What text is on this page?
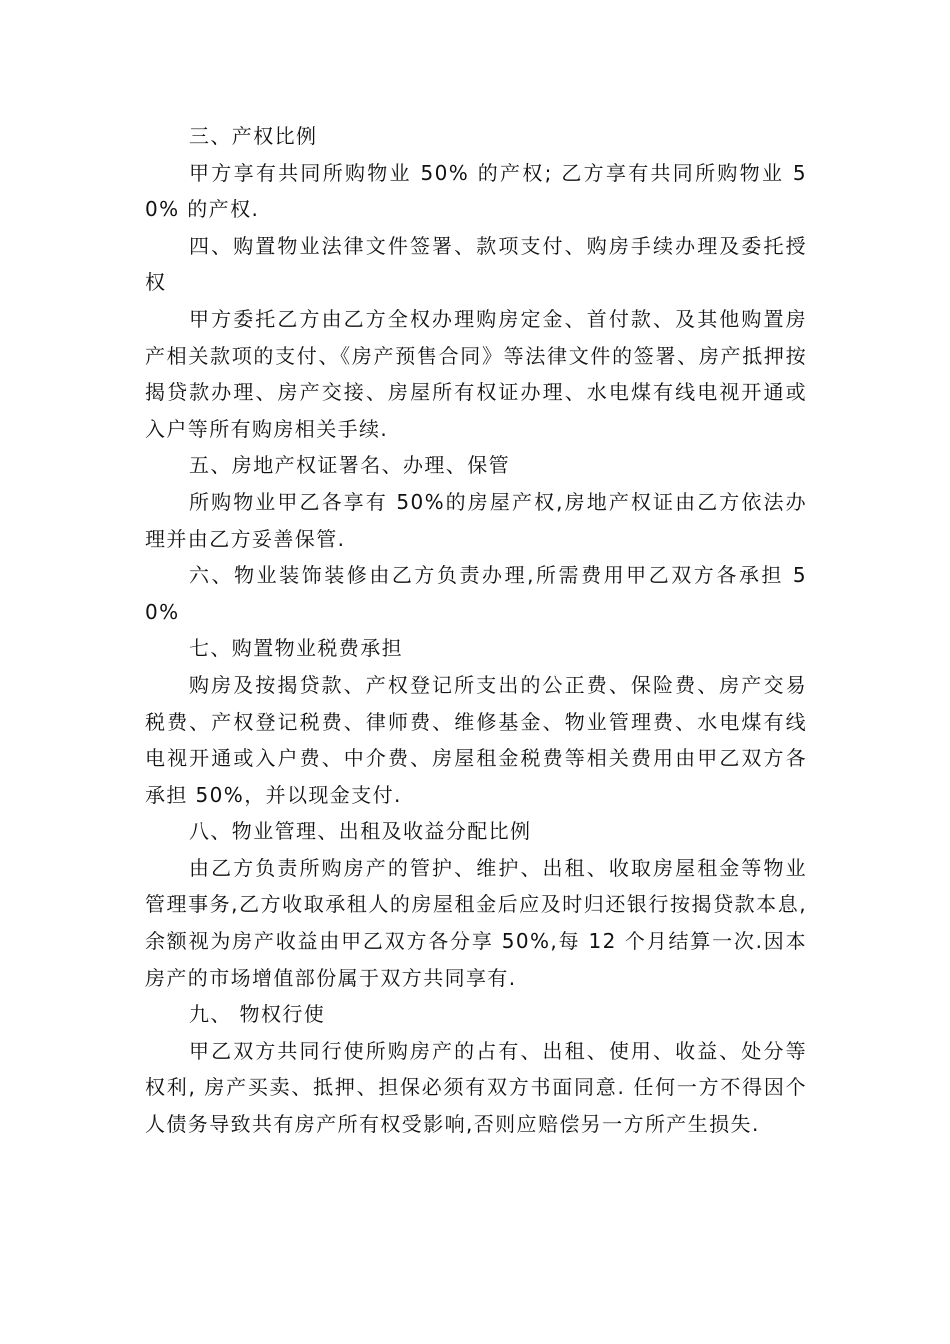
三、产权比例

甲方享有共同所购物业 50% 的产权; 乙方享有共同所购物业 50% 的产权.

四、购置物业法律文件签署、款项支付、购房手续办理及委托授权

甲方委托乙方由乙方全权办理购房定金、首付款、及其他购置房产相关款项的支付、《房产预售合同》等法律文件的签署、房产抵押按揭贷款办理、房产交接、房屋所有权证办理、水电煤有线电视开通或入户等所有购房相关手续.

五、房地产权证署名、办理、保管

所购物业甲乙各享有 50%的房屋产权,房地产权证由乙方依法办理并由乙方妥善保管.

六、物业装饰装修由乙方负责办理,所需费用甲乙双方各承担 50%

七、购置物业税费承担

购房及按揭贷款、产权登记所支出的公正费、保险费、房产交易税费、产权登记税费、律师费、维修基金、物业管理费、水电煤有线电视开通或入户费、中介费、房屋租金税费等相关费用由甲乙双方各承担 50%，并以现金支付.

八、物业管理、出租及收益分配比例

由乙方负责所购房产的管护、维护、出租、收取房屋租金等物业管理事务,乙方收取承租人的房屋租金后应及时归还银行按揭贷款本息,余额视为房产收益由甲乙双方各分享 50%,每 12 个月结算一次.因本房产的市场增值部份属于双方共同享有.

九、 物权行使

甲乙双方共同行使所购房产的占有、出租、使用、收益、处分等权利, 房产买卖、抵押、担保必须有双方书面同意. 任何一方不得因个人债务导致共有房产所有权受影响,否则应赔偿另一方所产生损失.
